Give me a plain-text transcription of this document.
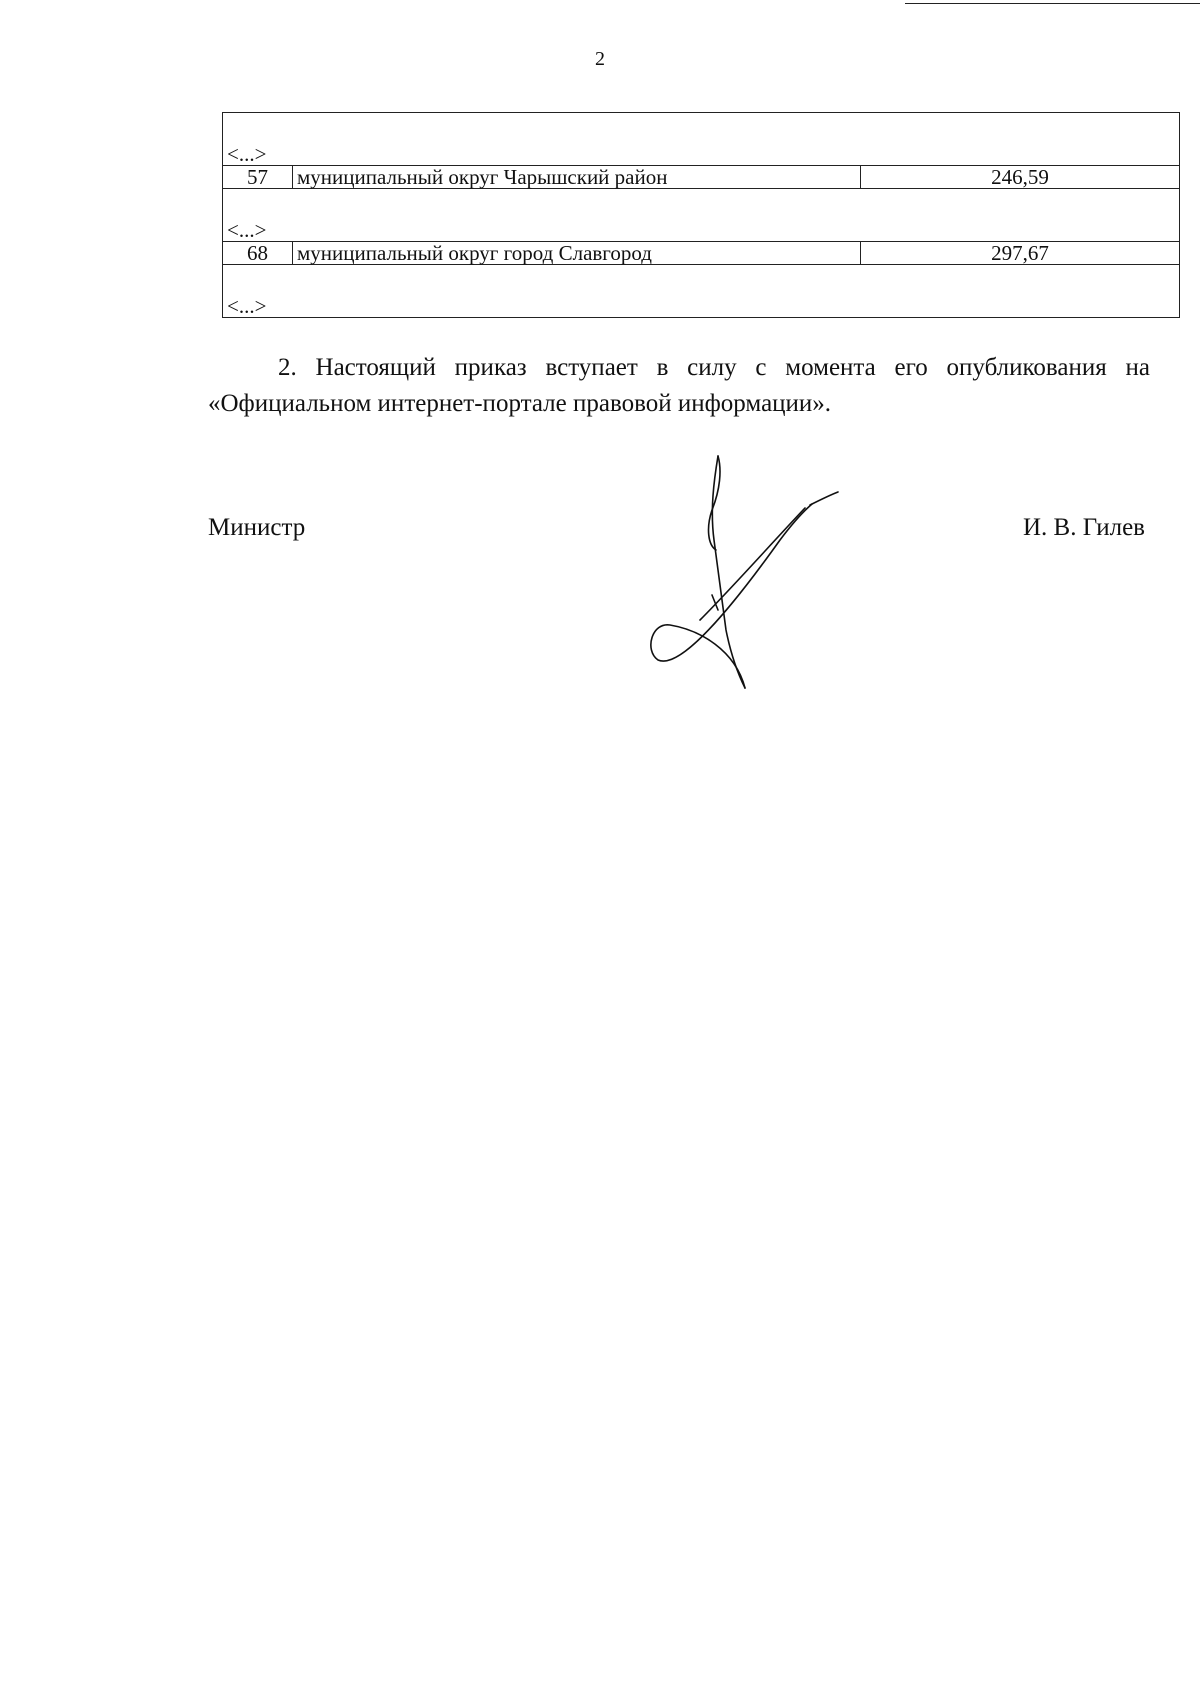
2
<...>		
57	муниципальный округ Чарышский район	246,59
<...>		
68	муниципальный округ город Славгород	297,67
<...>		
2. Настоящий приказ вступает в силу с момента его опубликования на «Официальном интернет-портале правовой информации».
Министр	И. В. Гилев
